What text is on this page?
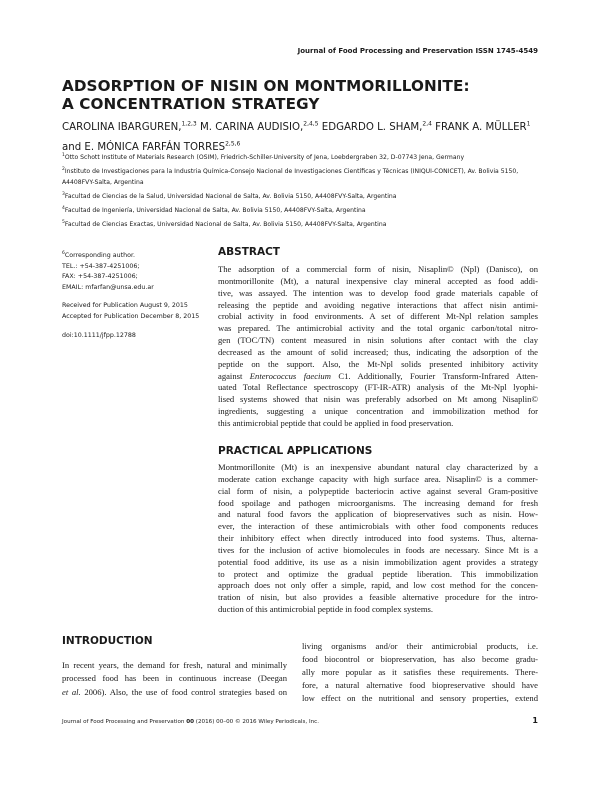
Journal of Food Processing and Preservation ISSN 1745-4549
ADSORPTION OF NISIN ON MONTMORILLONITE:
A CONCENTRATION STRATEGY
CAROLINA IBARGUREN,$^{1,2,3}$ M. CARINA AUDISIO,$^{2,4,5}$ EDGARDO L. SHAM,$^{2,4}$ FRANK A. MÜLLER$^1$ and E. MÓNICA FARFÁN TORRES$^{2,5,6}$
$^1$Otto Schott Institute of Materials Research (OSIM), Friedrich-Schiller-University of Jena, Loebdergraben 32, D-07743 Jena, Germany
$^2$Instituto de Investigaciones para la Industria Química-Consejo Nacional de Investigaciones Científicas y Técnicas (INIQUI-CONICET), Av. Bolivia 5150, A4408FVY-Salta, Argentina
$^3$Facultad de Ciencias de la Salud, Universidad Nacional de Salta, Av. Bolivia 5150, A4408FVY-Salta, Argentina
$^4$Facultad de Ingeniería, Universidad Nacional de Salta, Av. Bolivia 5150, A4408FVY-Salta, Argentina
$^5$Facultad de Ciencias Exactas, Universidad Nacional de Salta, Av. Bolivia 5150, A4408FVY-Salta, Argentina
$^6$Corresponding author.
TEL.: +54-387-4251006;
FAX: +54-387-4251006;
EMAIL: mfarfan@unsa.edu.ar
Received for Publication August 9, 2015
Accepted for Publication December 8, 2015
doi:10.1111/jfpp.12788
ABSTRACT
The adsorption of a commercial form of nisin, Nisaplin© (Npl) (Danisco), on
montmorillonite (Mt), a natural inexpensive clay mineral accepted as food addi-
tive, was assayed. The intention was to develop food grade materials capable of
releasing the peptide and avoiding negative interactions that affect nisin antimi-
crobial activity in food environments. A set of different Mt-Npl relation samples
was prepared. The antimicrobial activity and the total organic carbon/total nitro-
gen (TOC/TN) content measured in nisin solutions after contact with the clay
decreased as the amount of solid increased; thus, indicating the adsorption of the
peptide on the support. Also, the Mt-Npl solids presented inhibitory activity
against Enterococcus faecium C1. Additionally, Fourier Transform-Infrared Atten-
uated Total Reflectance spectroscopy (FT-IR-ATR) analysis of the Mt-Npl lyophi-
lised systems showed that nisin was preferably adsorbed on Mt among Nisaplin©
ingredients, suggesting a unique concentration and immobilization method for
this antimicrobial peptide that could be applied in food preservation.
PRACTICAL APPLICATIONS
Montmorillonite (Mt) is an inexpensive abundant natural clay characterized by a
moderate cation exchange capacity with high surface area. Nisaplin© is a commer-
cial form of nisin, a polypeptide bacteriocin active against several Gram-positive
food spoilage and pathogen microorganisms. The increasing demand for fresh
and natural food favors the application of biopreservatives such as nisin. How-
ever, the interaction of these antimicrobials with other food components reduces
their inhibitory effect when directly introduced into food systems. Thus, alterna-
tives for the inclusion of active biomolecules in foods are necessary. Since Mt is a
potential food additive, its use as a nisin immobilization agent provides a strategy
to protect and optimize the gradual peptide liberation. This immobilization
approach does not only offer a simple, rapid, and low cost method for the concen-
tration of nisin, but also provides a feasible alternative procedure for the intro-
duction of this antimicrobial peptide in food complex systems.
INTRODUCTION
In recent years, the demand for fresh, natural and minimally
processed food has been in continuous increase (Deegan
et al. 2006). Also, the use of food control strategies based on
living organisms and/or their antimicrobial products, i.e.
food biocontrol or biopreservation, has also become gradu-
ally more popular as it satisfies these requirements. There-
fore, a natural alternative food biopreservative should have
low effect on the nutritional and sensory properties, extend
Journal of Food Processing and Preservation 00 (2016) 00–00 © 2016 Wiley Periodicals, Inc.	1
